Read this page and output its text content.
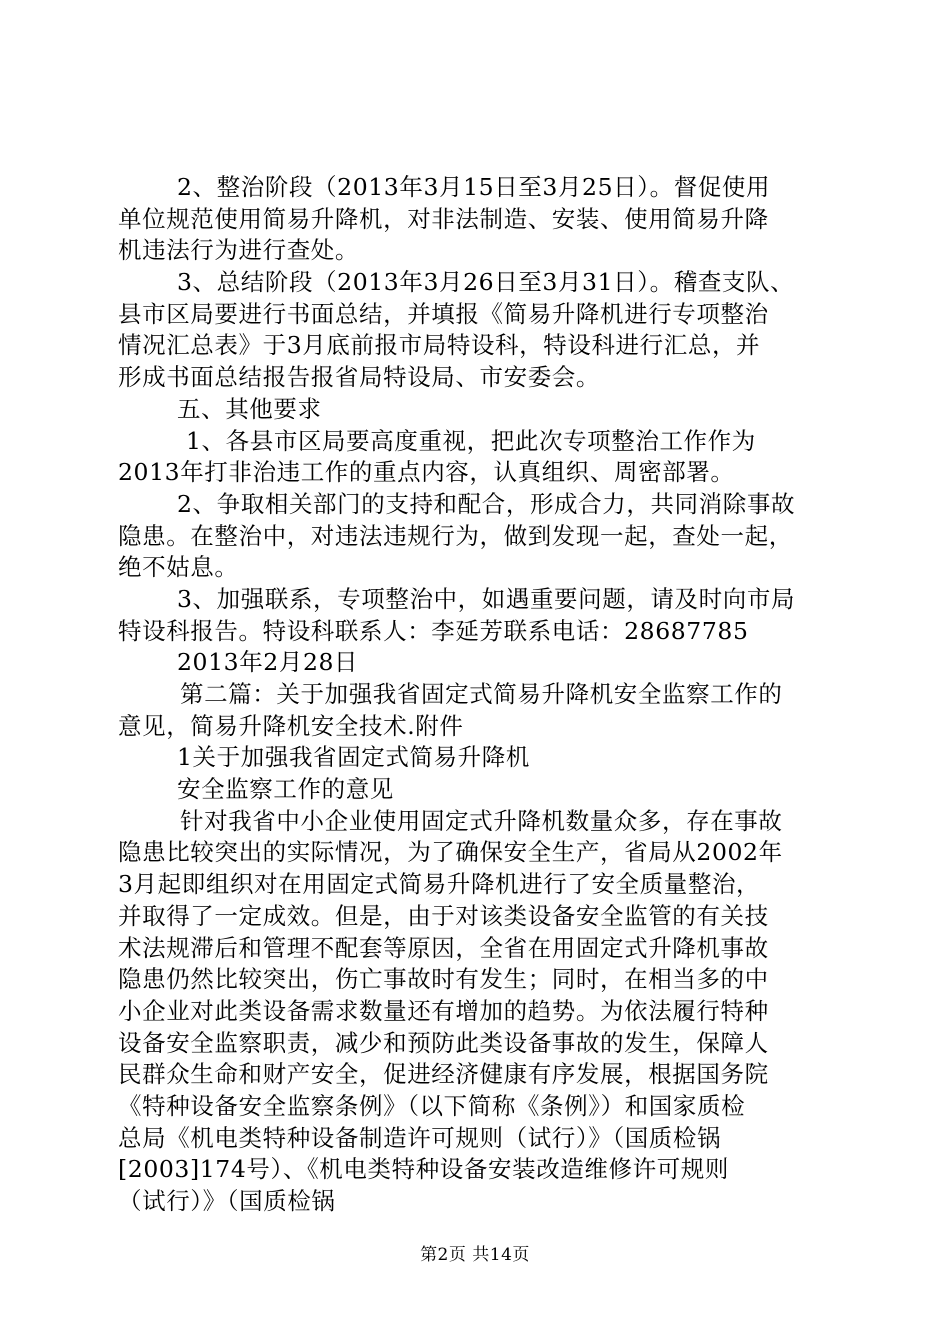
2、整治阶段（2013年3月15日至3月25日）。督促使用
单位规范使用简易升降机，对非法制造、安装、使用简易升降
机违法行为进行查处。
3、总结阶段（2013年3月26日至3月31日）。稽查支队、
县市区局要进行书面总结，并填报《简易升降机进行专项整治
情况汇总表》于3月底前报市局特设科，特设科进行汇总，并
形成书面总结报告报省局特设局、市安委会。
五、其他要求
1、各县市区局要高度重视，把此次专项整治工作作为
2013年打非治违工作的重点内容，认真组织、周密部署。
2、争取相关部门的支持和配合，形成合力，共同消除事故
隐患。在整治中，对违法违规行为，做到发现一起，查处一起，
绝不姑息。
3、加强联系，专项整治中，如遇重要问题，请及时向市局
特设科报告。特设科联系人：李延芳联系电话：28687785
2013年2月28日
第二篇：关于加强我省固定式简易升降机安全监察工作的
意见，简易升降机安全技术.附件
1关于加强我省固定式简易升降机
安全监察工作的意见
针对我省中小企业使用固定式升降机数量众多，存在事故
隐患比较突出的实际情况，为了确保安全生产，省局从2002年
3月起即组织对在用固定式简易升降机进行了安全质量整治，
并取得了一定成效。但是，由于对该类设备安全监管的有关技
术法规滞后和管理不配套等原因，全省在用固定式升降机事故
隐患仍然比较突出，伤亡事故时有发生；同时，在相当多的中
小企业对此类设备需求数量还有增加的趋势。为依法履行特种
设备安全监察职责，减少和预防此类设备事故的发生，保障人
民群众生命和财产安全，促进经济健康有序发展，根据国务院
《特种设备安全监察条例》（以下简称《条例》）和国家质检
总局《机电类特种设备制造许可规则（试行）》（国质检锅
[2003]174号）、《机电类特种设备安装改造维修许可规则
（试行）》（国质检锅
第2页 共14页
